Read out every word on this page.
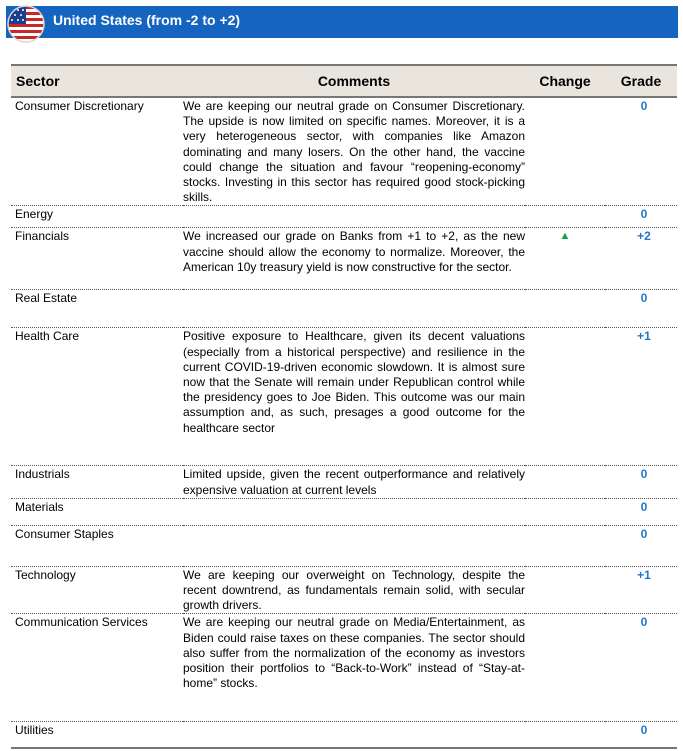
United States (from -2 to +2)
Sector	Comments	Change	Grade
Consumer Discretionary	We are keeping our neutral grade on Consumer Discretionary. The upside is now limited on specific names. Moreover, it is a very heterogeneous sector, with companies like Amazon dominating and many losers. On the other hand, the vaccine could change the situation and favour “reopening-economy” stocks. Investing in this sector has required good stock-picking skills.		0
Energy			0
Financials	We increased our grade on Banks from +1 to +2, as the new vaccine should allow the economy to normalize. Moreover, the American 10y treasury yield is now constructive for the sector.	▲	+2
Real Estate			0
Health Care	Positive exposure to Healthcare, given its decent valuations (especially from a historical perspective) and resilience in the current COVID-19-driven economic slowdown. It is almost sure now that the Senate will remain under Republican control while the presidency goes to Joe Biden. This outcome was our main assumption and, as such, presages a good outcome for the healthcare sector		+1
Industrials	Limited upside, given the recent outperformance and relatively expensive valuation at current levels		0
Materials			0
Consumer Staples			0
Technology	We are keeping our overweight on Technology, despite the recent downtrend, as fundamentals remain solid, with secular growth drivers.		+1
Communication Services	We are keeping our neutral grade on Media/Entertainment, as Biden could raise taxes on these companies. The sector should also suffer from the normalization of the economy as investors position their portfolios to “Back-to-Work” instead of “Stay-at-home” stocks.		0
Utilities			0
